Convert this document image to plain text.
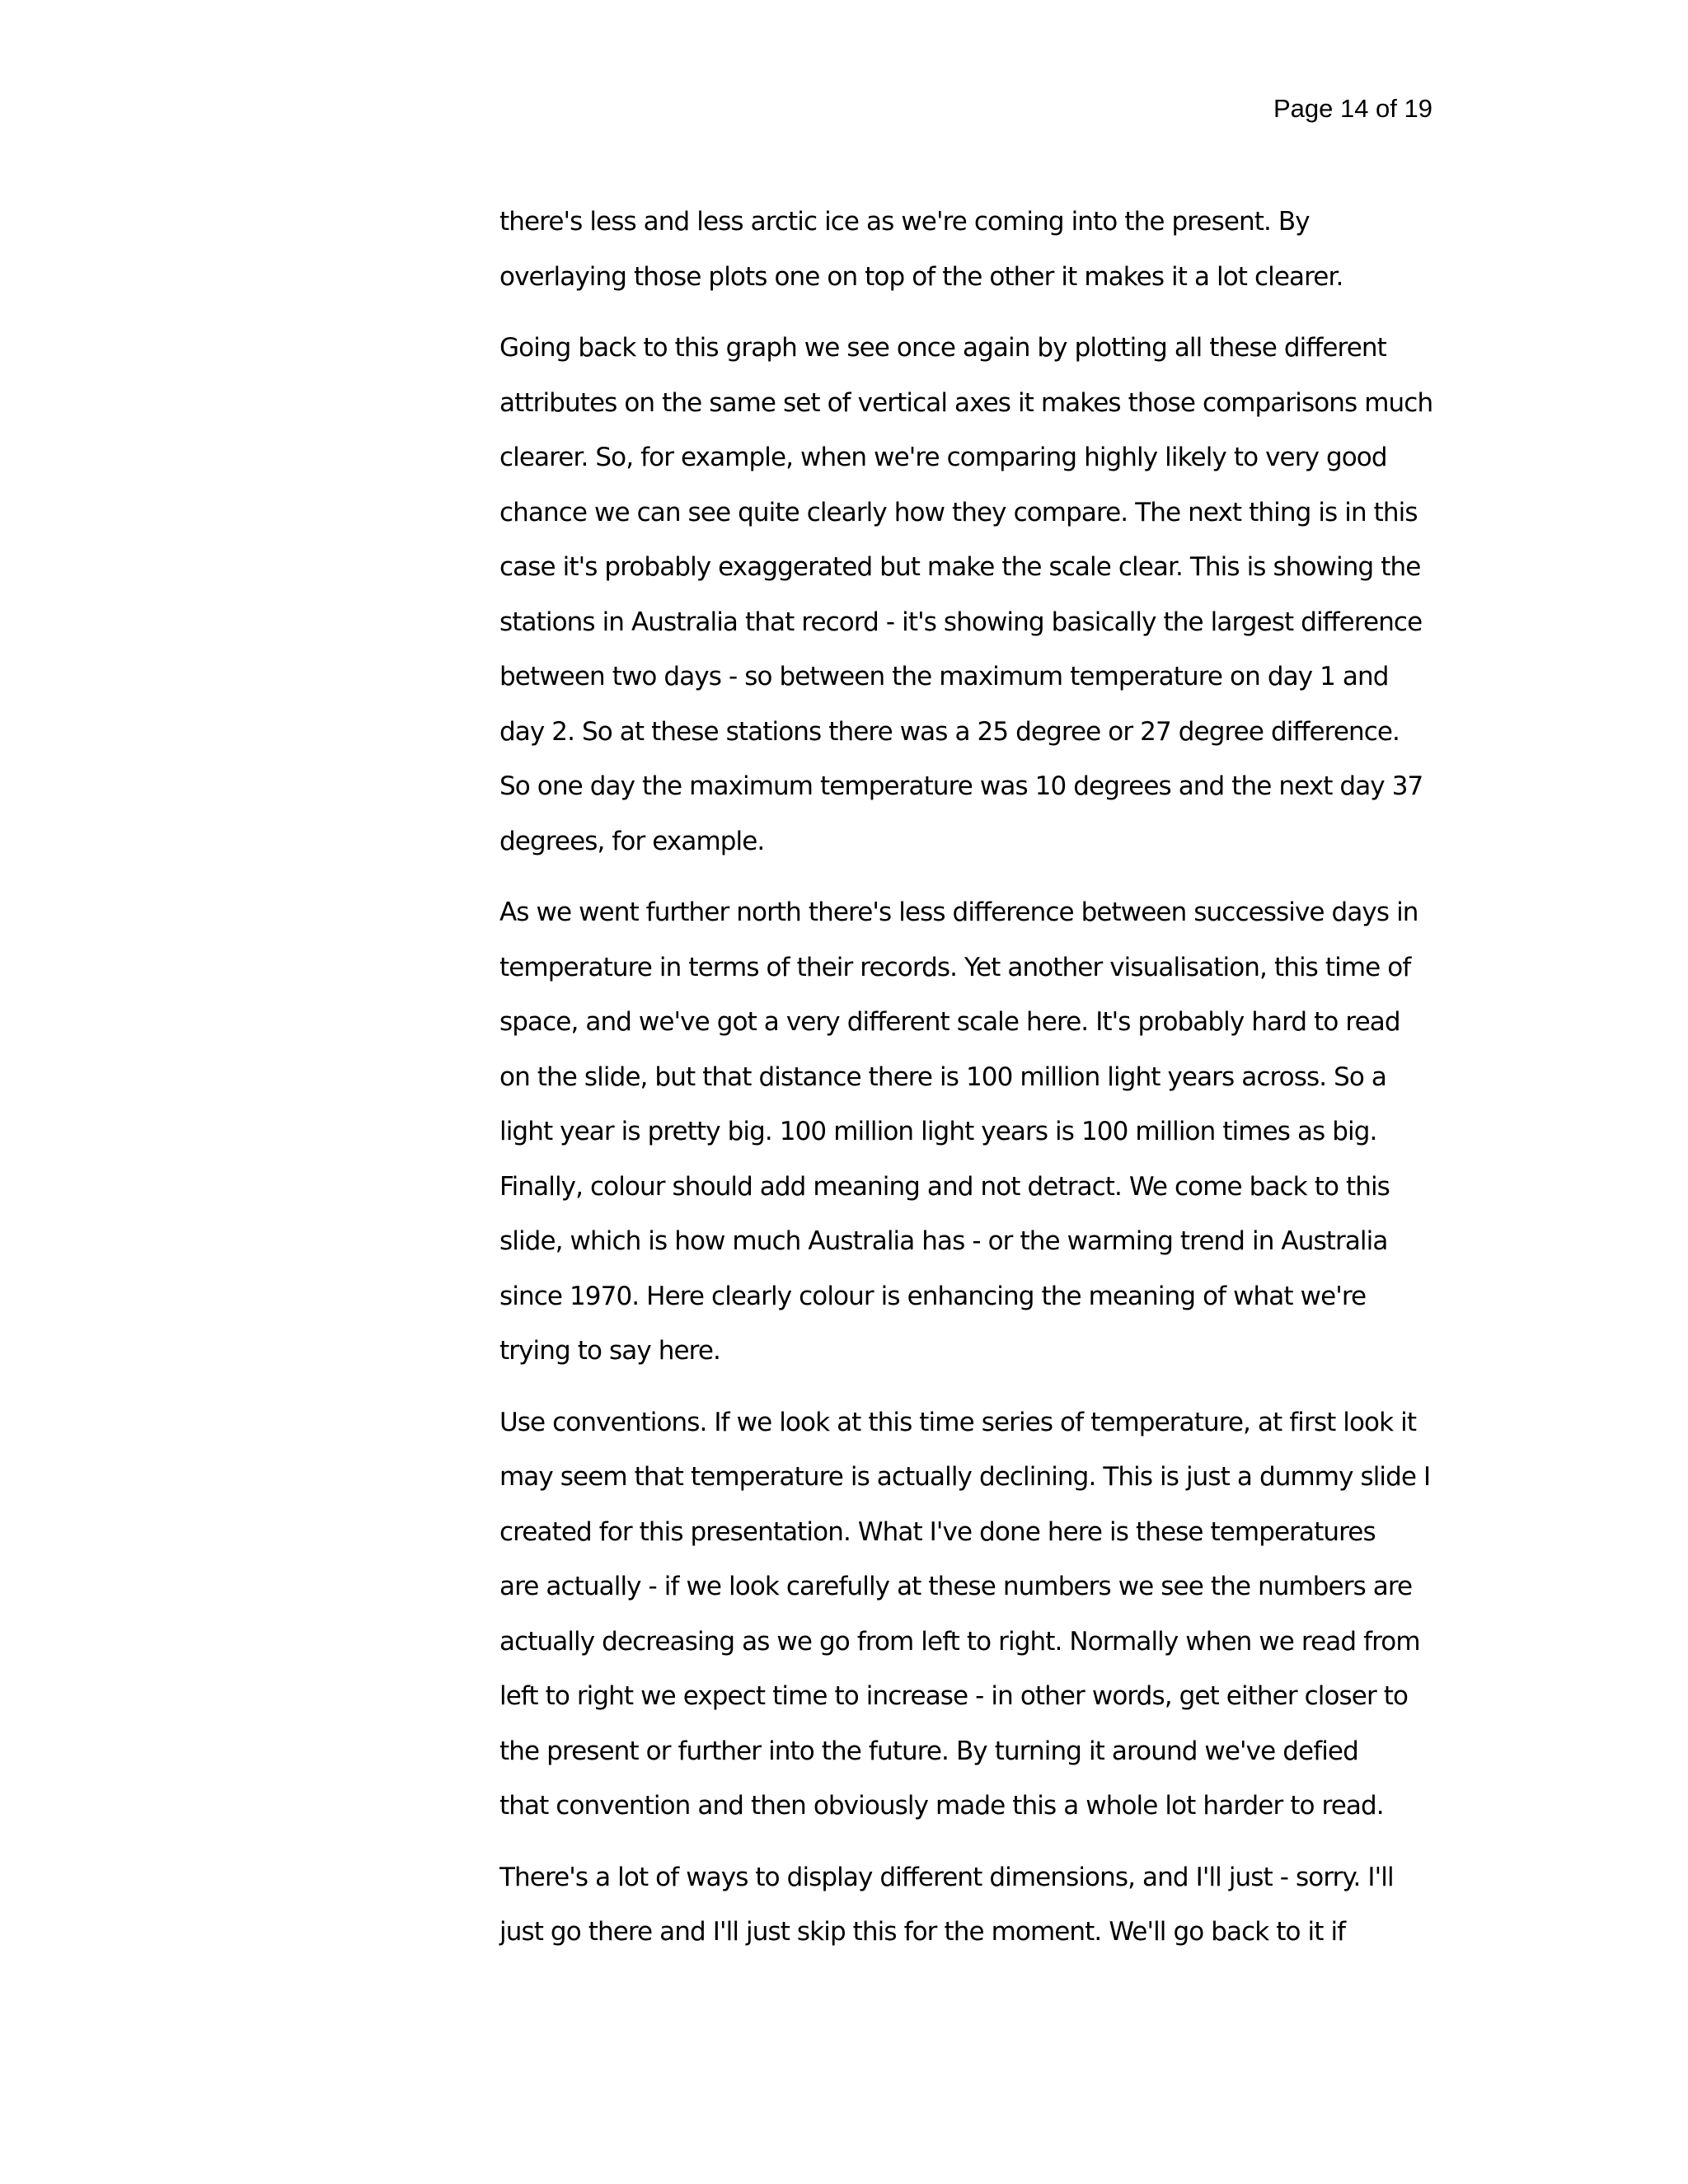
Page 14 of 19
there's less and less arctic ice as we're coming into the present. By
overlaying those plots one on top of the other it makes it a lot clearer.
Going back to this graph we see once again by plotting all these different
attributes on the same set of vertical axes it makes those comparisons much
clearer. So, for example, when we're comparing highly likely to very good
chance we can see quite clearly how they compare. The next thing is in this
case it's probably exaggerated but make the scale clear. This is showing the
stations in Australia that record - it's showing basically the largest difference
between two days - so between the maximum temperature on day 1 and
day 2. So at these stations there was a 25 degree or 27 degree difference.
So one day the maximum temperature was 10 degrees and the next day 37
degrees, for example.
As we went further north there's less difference between successive days in
temperature in terms of their records. Yet another visualisation, this time of
space, and we've got a very different scale here. It's probably hard to read
on the slide, but that distance there is 100 million light years across. So a
light year is pretty big. 100 million light years is 100 million times as big.
Finally, colour should add meaning and not detract. We come back to this
slide, which is how much Australia has - or the warming trend in Australia
since 1970. Here clearly colour is enhancing the meaning of what we're
trying to say here.
Use conventions. If we look at this time series of temperature, at first look it
may seem that temperature is actually declining. This is just a dummy slide I
created for this presentation. What I've done here is these temperatures
are actually - if we look carefully at these numbers we see the numbers are
actually decreasing as we go from left to right. Normally when we read from
left to right we expect time to increase - in other words, get either closer to
the present or further into the future. By turning it around we've defied
that convention and then obviously made this a whole lot harder to read.
There's a lot of ways to display different dimensions, and I'll just - sorry. I'll
just go there and I'll just skip this for the moment. We'll go back to it if
